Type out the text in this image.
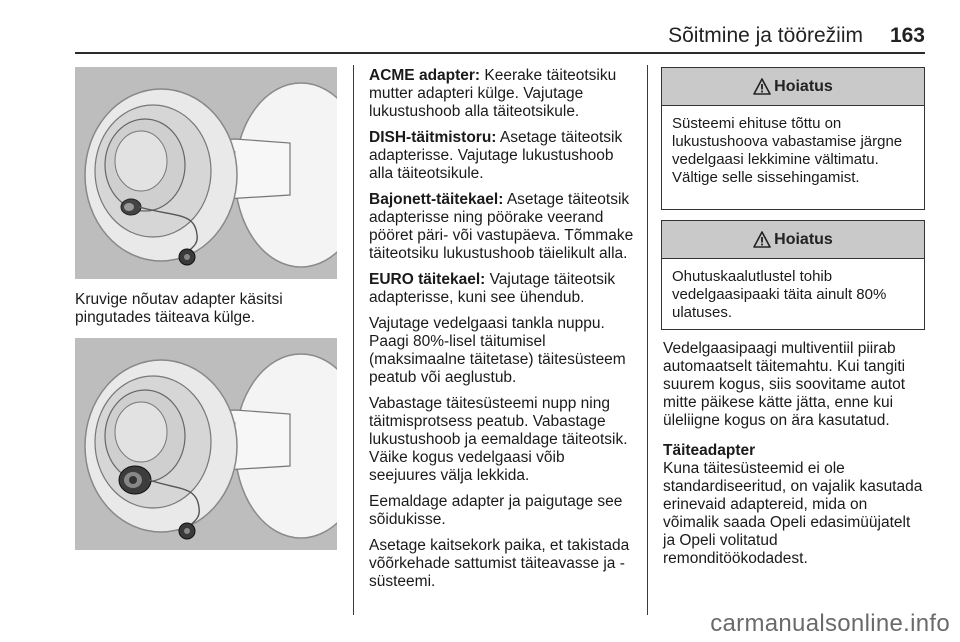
Sõitmine ja töörežiim 163
Kruvige nõutav adapter käsitsi pingutades täiteava külge.

ACME adapter: Keerake täiteotsiku mutter adapteri külge. Vajutage lukustushoob alla täiteotsikule.

DISH-täitmistoru: Asetage täiteotsik adapterisse. Vajutage lukustushoob alla täiteotsikule.

Bajonett-täitekael: Asetage täiteotsik adapterisse ning pöörake veerand pööret päri- või vastupäeva. Tõmmake täiteotsiku lukustushoob täielikult alla.

EURO täitekael: Vajutage täiteotsik adapterisse, kuni see ühendub.

Vajutage vedelgaasi tankla nuppu. Paagi 80%-lisel täitumisel (maksimaalne täitetase) täitesüsteem peatub või aeglustub.

Vabastage täitesüsteemi nupp ning täitmisprotsess peatub. Vabastage lukustushoob ja eemaldage täiteotsik. Väike kogus vedelgaasi võib seejuures välja lekkida.

Eemaldage adapter ja paigutage see sõidukisse.

Asetage kaitsekork paika, et takistada võõrkehade sattumist täiteavasse ja -süsteemi.

Hoiatus
Süsteemi ehituse tõttu on lukustushoova vabastamise järgne vedelgaasi lekkimine vältimatu. Vältige selle sissehingamist.
Hoiatus
Ohutuskaalutlustel tohib vedelgaasipaaki täita ainult 80% ulatuses.

Vedelgaasipaagi multiventiil piirab automaatselt täitemahtu. Kui tangiti suurem kogus, siis soovitame autot mitte päikese kätte jätta, enne kui üleliigne kogus on ära kasutatud.

Täiteadapter

Kuna täitesüsteemid ei ole standardiseeritud, on vajalik kasutada erinevaid adaptereid, mida on võimalik saada Opeli edasimüüjatelt ja Opeli volitatud remonditöökodadest.

carmanualsonline.info
